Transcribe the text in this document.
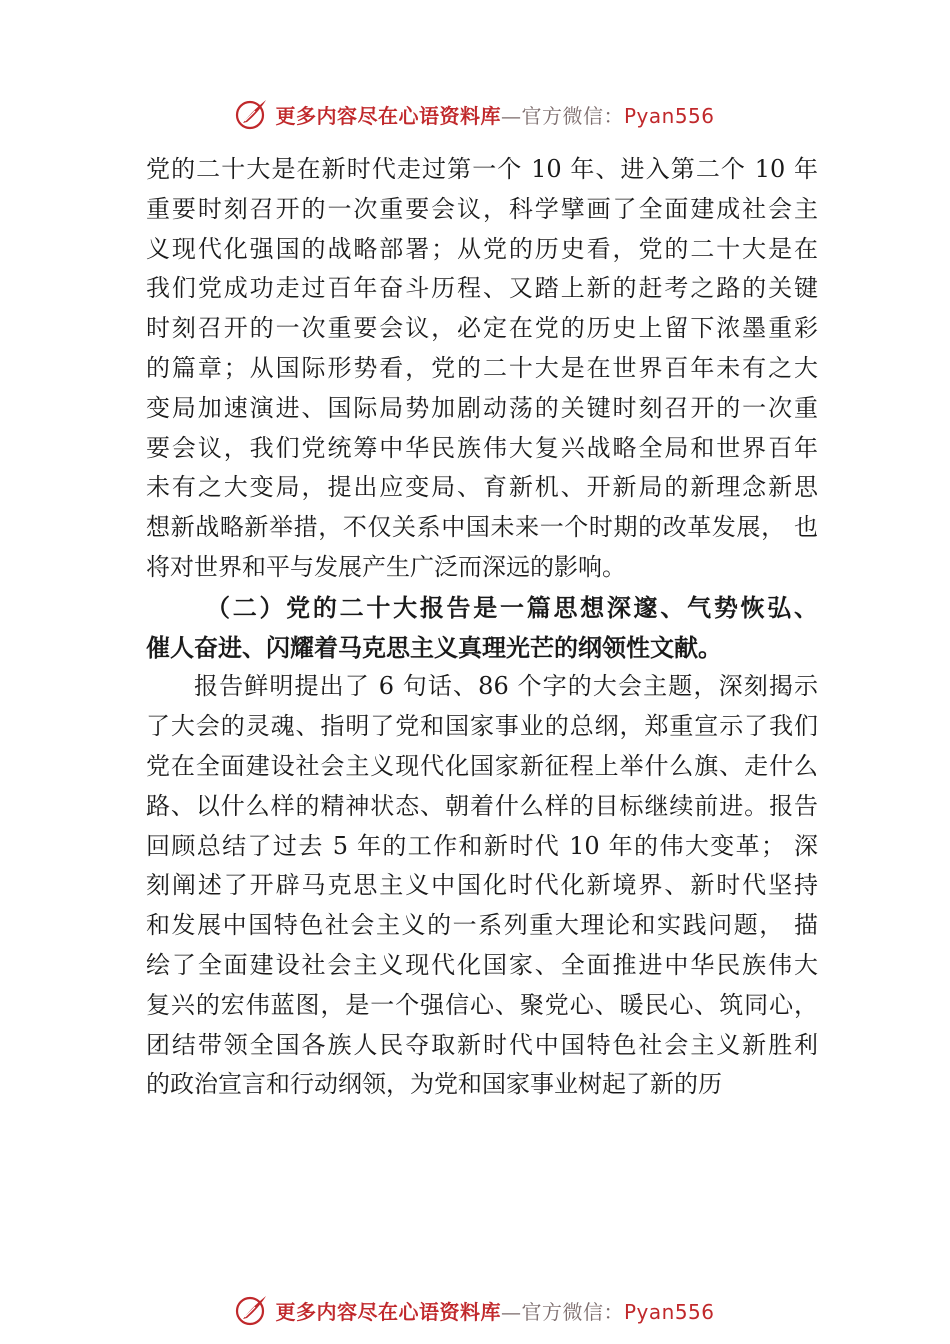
更多内容尽在心语资料库—官方微信：Pyan556
党的二十大是在新时代走过第一个 10 年、进入第二个 10 年
重要时刻召开的一次重要会议，科学擘画了全面建成社会主
义现代化强国的战略部署；从党的历史看，党的二十大是在
我们党成功走过百年奋斗历程、又踏上新的赶考之路的关键
时刻召开的一次重要会议，必定在党的历史上留下浓墨重彩
的篇章；从国际形势看，党的二十大是在世界百年未有之大
变局加速演进、国际局势加剧动荡的关键时刻召开的一次重
要会议，我们党统筹中华民族伟大复兴战略全局和世界百年
未有之大变局，提出应变局、育新机、开新局的新理念新思
想新战略新举措，不仅关系中国未来一个时期的改革发展， 也
将对世界和平与发展产生广泛而深远的影响。
（二）党的二十大报告是一篇思想深邃、气势恢弘、
催人奋进、闪耀着马克思主义真理光芒的纲领性文献。
报告鲜明提出了 6 句话、86 个字的大会主题，深刻揭示
了大会的灵魂、指明了党和国家事业的总纲，郑重宣示了我们
党在全面建设社会主义现代化国家新征程上举什么旗、走什么
路、以什么样的精神状态、朝着什么样的目标继续前进。报告
回顾总结了过去 5 年的工作和新时代 10 年的伟大变革； 深
刻阐述了开辟马克思主义中国化时代化新境界、新时代坚持
和发展中国特色社会主义的一系列重大理论和实践问题， 描
绘了全面建设社会主义现代化国家、全面推进中华民族伟大
复兴的宏伟蓝图，是一个强信心、聚党心、暖民心、筑同心，
团结带领全国各族人民夺取新时代中国特色社会主义新胜利
的政治宣言和行动纲领，为党和国家事业树起了新的历
更多内容尽在心语资料库—官方微信：Pyan556
